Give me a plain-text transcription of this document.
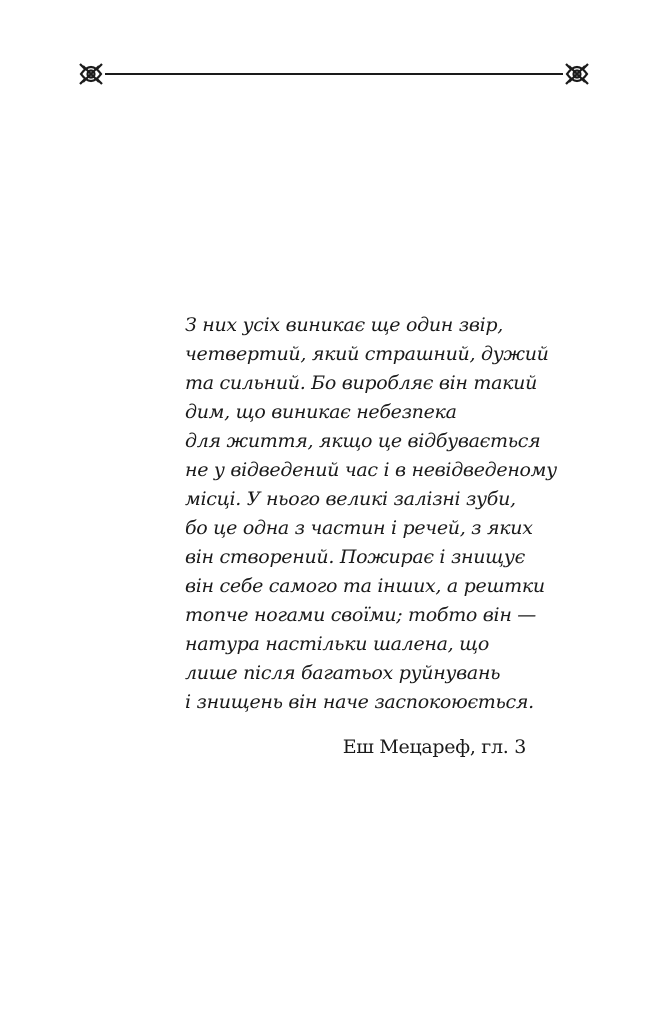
З них усіх виникає ще один звір,
четвертий, який страшний, дужий
та сильний. Бо виробляє він такий
дим, що виникає небезпека
для життя, якщо це відбувається
не у відведений час і в невідведеному
місці. У нього великі залізні зуби,
бо це одна з частин і речей, з яких
він створений. Пожирає і знищує
він себе самого та інших, а рештки
топче ногами своїми; тобто він —
натура настільки шалена, що
лише після багатьох руйнувань
і знищень він наче заспокоюється.
Еш Мецареф, гл. 3
